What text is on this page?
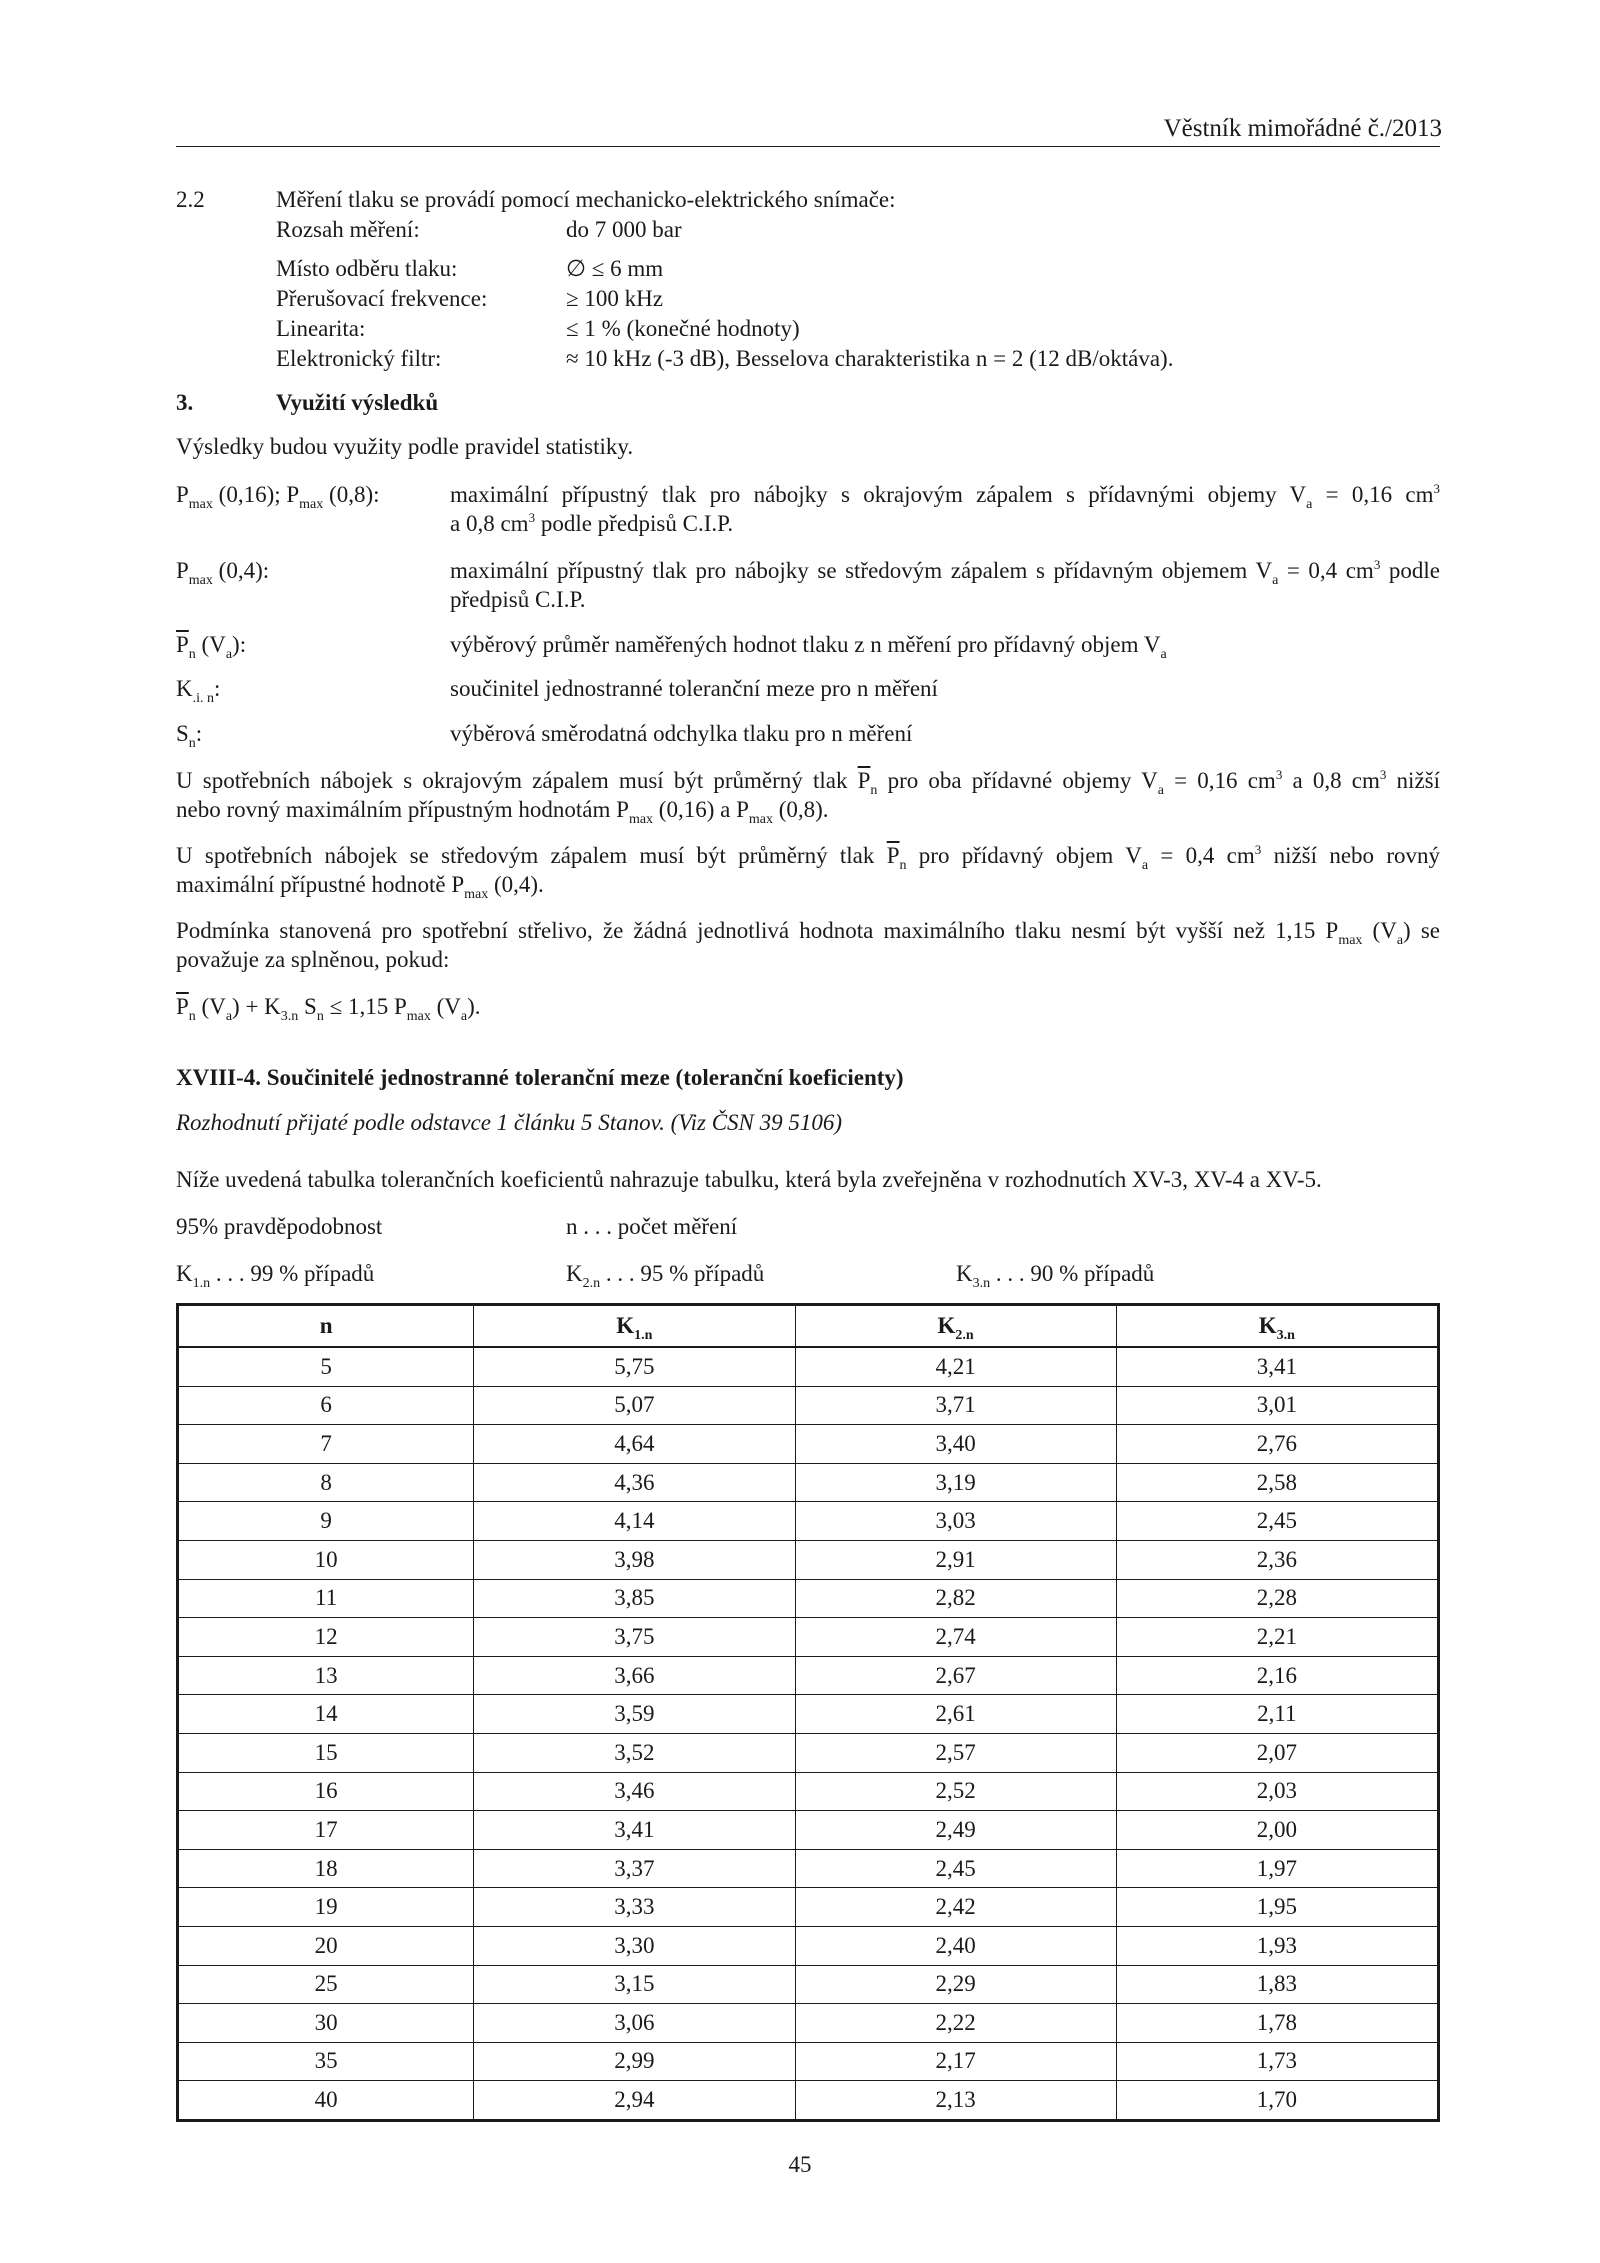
Věstník mimořádné č./2013
2.2	Měření tlaku se provádí pomocí mechanicko-elektrického snímače:
Rozsah měření:	do 7 000 bar
Místo odběru tlaku:	∅ ≤ 6 mm
Přerušovací frekvence:	≥ 100 kHz
Linearita:	≤ 1 % (konečné hodnoty)
Elektronický filtr:	≈ 10 kHz (-3 dB), Besselova charakteristika n = 2 (12 dB/oktáva).
3.	Využití výsledků
Výsledky budou využity podle pravidel statistiky.
$P_{max}$ (0,16); $P_{max}$ (0,8):	maximální přípustný tlak pro nábojky s okrajovým zápalem s přídavnými objemy $V_a = 0,16$ $cm^3$
a 0,8 $cm^3$ podle předpisů C.I.P.
$P_{max}$ (0,4):	maximální přípustný tlak pro nábojky se středovým zápalem s přídavným objemem $V_a = 0,4$ $cm^3$ podle
předpisů C.I.P.
$\overline{P}_n$ $(V_a)$:	výběrový průměr naměřených hodnot tlaku z n měření pro přídavný objem $V_a$
$K_{.i. n}$:	součinitel jednostranné toleranční meze pro n měření
$S_n$:	výběrová směrodatná odchylka tlaku pro n měření
U spotřebních nábojek s okrajovým zápalem musí být průměrný tlak $\overline{P}_n$ pro oba přídavné objemy $V_a = 0,16$ $cm^3$ a 0,8 $cm^3$ nižší
nebo rovný maximálním přípustným hodnotám $P_{max}$ (0,16) a $P_{max}$ (0,8).
U spotřebních nábojek se středovým zápalem musí být průměrný tlak $\overline{P}_n$ pro přídavný objem $V_a = 0,4$ $cm^3$ nižší nebo rovný
maximální přípustné hodnotě $P_{max}$ (0,4).
Podmínka stanovená pro spotřební střelivo, že žádná jednotlivá hodnota maximálního tlaku nesmí být vyšší než 1,15 $P_{max}$ $(V_a)$ se
považuje za splněnou, pokud:
$\overline{P}_n$ $(V_a) + K_{3.n}$ $S_n \le 1,15$ $P_{max}$ $(V_a)$.
XVIII-4. Součinitelé jednostranné toleranční meze (toleranční koeficienty)
Rozhodnutí přijaté podle odstavce 1 článku 5 Stanov. (Viz ČSN 39 5106)
Níže uvedená tabulka tolerančních koeficientů nahrazuje tabulku, která byla zveřejněna v rozhodnutích XV-3, XV-4 a XV-5.
95% pravděpodobnost	n . . . počet měření
$K_{1.n}$ . . . 99 % případů	$K_{2.n}$ . . . 95 % případů	$K_{3.n}$ . . . 90 % případů
n	$K_{1.n}$	$K_{2.n}$	$K_{3.n}$
5	5,75	4,21	3,41
6	5,07	3,71	3,01
7	4,64	3,40	2,76
8	4,36	3,19	2,58
9	4,14	3,03	2,45
10	3,98	2,91	2,36
11	3,85	2,82	2,28
12	3,75	2,74	2,21
13	3,66	2,67	2,16
14	3,59	2,61	2,11
15	3,52	2,57	2,07
16	3,46	2,52	2,03
17	3,41	2,49	2,00
18	3,37	2,45	1,97
19	3,33	2,42	1,95
20	3,30	2,40	1,93
25	3,15	2,29	1,83
30	3,06	2,22	1,78
35	2,99	2,17	1,73
40	2,94	2,13	1,70
45
